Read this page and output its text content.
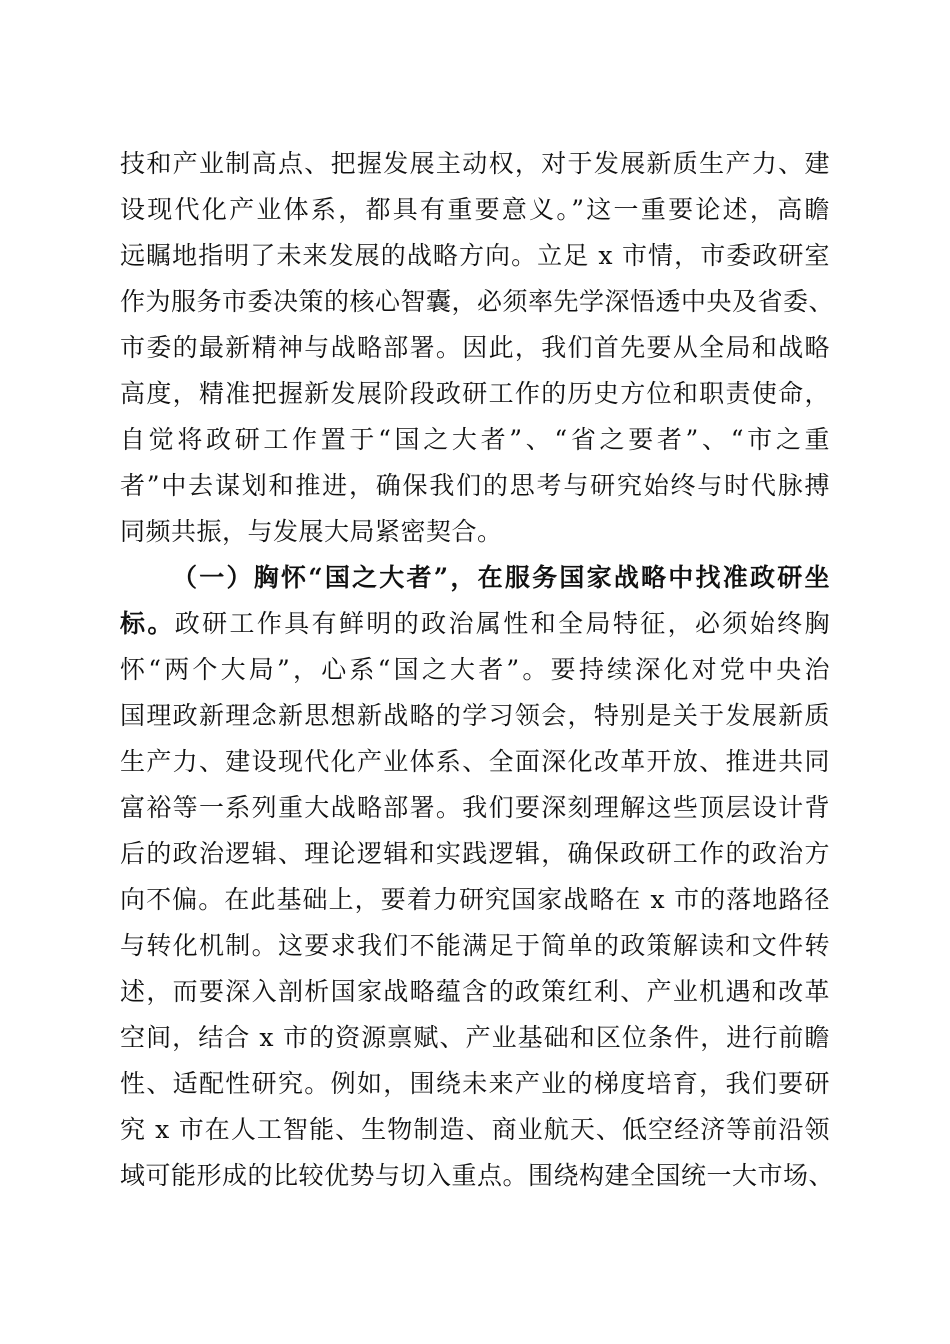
技和产业制高点、把握发展主动权，对于发展新质生产力、建
设现代化产业体系，都具有重要意义。”这一重要论述，高瞻
远瞩地指明了未来发展的战略方向。立足 x 市情，市委政研室
作为服务市委决策的核心智囊，必须率先学深悟透中央及省委、
市委的最新精神与战略部署。因此，我们首先要从全局和战略
高度，精准把握新发展阶段政研工作的历史方位和职责使命，
自觉将政研工作置于“国之大者”、“省之要者”、“市之重
者”中去谋划和推进，确保我们的思考与研究始终与时代脉搏
同频共振，与发展大局紧密契合。
（一）胸怀“国之大者”，在服务国家战略中找准政研坐
标。政研工作具有鲜明的政治属性和全局特征，必须始终胸
怀“两个大局”，心系“国之大者”。要持续深化对党中央治
国理政新理念新思想新战略的学习领会，特别是关于发展新质
生产力、建设现代化产业体系、全面深化改革开放、推进共同
富裕等一系列重大战略部署。我们要深刻理解这些顶层设计背
后的政治逻辑、理论逻辑和实践逻辑，确保政研工作的政治方
向不偏。在此基础上，要着力研究国家战略在 x 市的落地路径
与转化机制。这要求我们不能满足于简单的政策解读和文件转
述，而要深入剖析国家战略蕴含的政策红利、产业机遇和改革
空间，结合 x 市的资源禀赋、产业基础和区位条件，进行前瞻
性、适配性研究。例如，围绕未来产业的梯度培育，我们要研
究 x 市在人工智能、生物制造、商业航天、低空经济等前沿领
域可能形成的比较优势与切入重点。围绕构建全国统一大市场、
